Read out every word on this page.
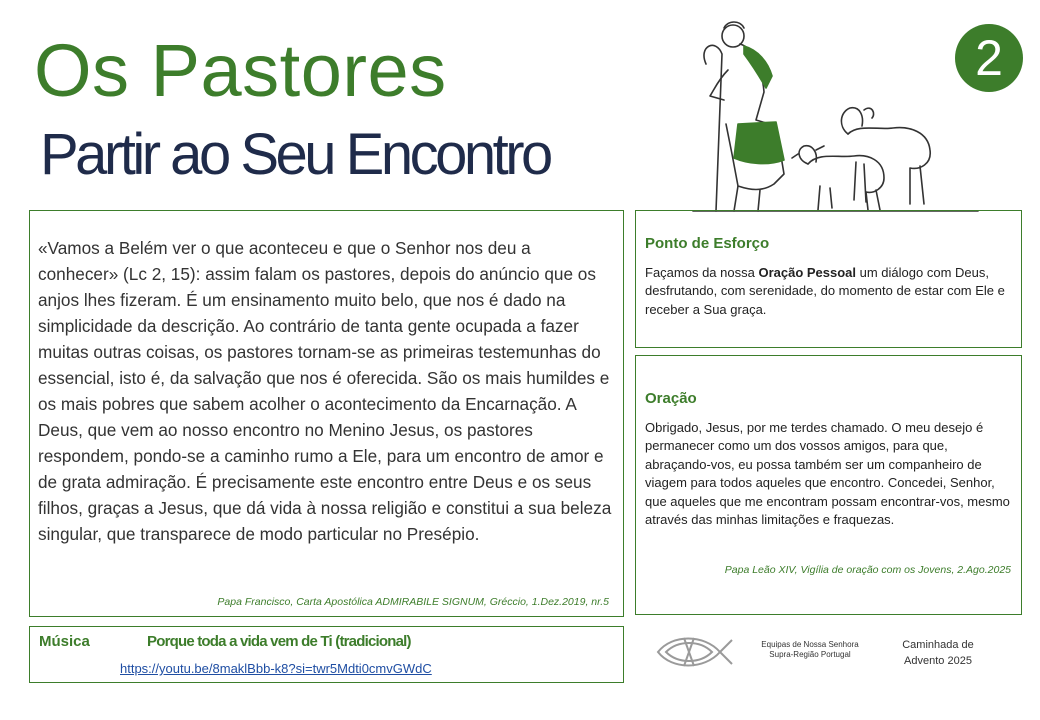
Os Pastores
Partir ao Seu Encontro
2

«Vamos a Belém ver o que aconteceu e que o Senhor nos deu a conhecer» (Lc 2, 15): assim falam os pastores, depois do anúncio que os anjos lhes fizeram. É um ensinamento muito belo, que nos é dado na simplicidade da descrição. Ao contrário de tanta gente ocupada a fazer muitas outras coisas, os pastores tornam-se as primeiras testemunhas do essencial, isto é, da salvação que nos é oferecida. São os mais humildes e os mais pobres que sabem acolher o acontecimento da Encarnação. A Deus, que vem ao nosso encontro no Menino Jesus, os pastores respondem, pondo-se a caminho rumo a Ele, para um encontro de amor e de grata admiração. É precisamente este encontro entre Deus e os seus filhos, graças a Jesus, que dá vida à nossa religião e constitui a sua beleza singular, que transparece de modo particular no Presépio.

Papa Francisco, Carta Apostólica ADMIRABILE SIGNUM, Gréccio, 1.Dez.2019, nr.5
Ponto de Esforço

Façamos da nossa Oração Pessoal um diálogo com Deus, desfrutando, com serenidade, do momento de estar com Ele e receber a Sua graça.

Oração

Obrigado, Jesus, por me terdes chamado. O meu desejo é permanecer como um dos vossos amigos, para que, abraçando-vos, eu possa também ser um companheiro de viagem para todos aqueles que encontro. Concedei, Senhor, que aqueles que me encontram possam encontrar-vos, mesmo através das minhas limitações e fraquezas.

Papa Leão XIV, Vigília de oração com os Jovens, 2.Ago.2025
Música	Porque toda a vida vem de Ti (tradicional)
https://youtu.be/8maklBbb-k8?si=twr5Mdti0cmvGWdC
Equipas de Nossa Senhora
Supra-Região Portugal
Caminhada de
Advento 2025
